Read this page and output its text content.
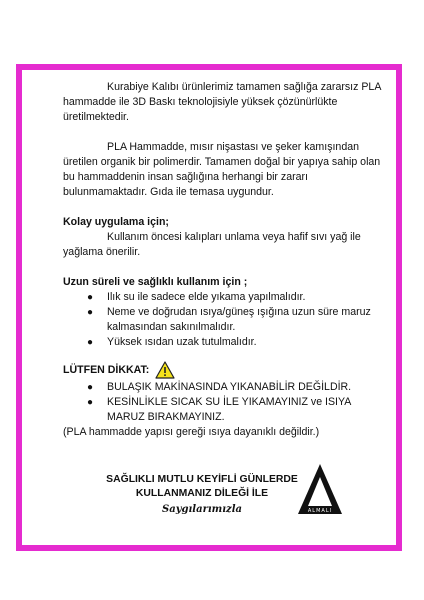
Kurabiye Kalıbı ürünlerimiz tamamen sağlığa zararsız PLA hammadde ile 3D Baskı teknolojisiyle yüksek çözünürlükte üretilmektedir.

PLA Hammadde, mısır nişastası ve şeker kamışından üretilen organik bir polimerdir. Tamamen doğal bir yapıya sahip olan bu hammaddenin insan sağlığına herhangi bir zararı bulunmamaktadır. Gıda ile temasa uygundur.

Kolay uygulama için;

Kullanım öncesi kalıpları unlama veya hafif sıvı yağ ile yağlama önerilir.

Uzun süreli ve sağlıklı kullanım için ;

● Ilık su ile sadece elde yıkama yapılmalıdır.
● Neme ve doğrudan ısıya/güneş ışığına uzun süre maruz kalmasından sakınılmalıdır.
● Yüksek ısıdan uzak tutulmalıdır.
LÜTFEN DİKKAT:
● BULAŞIK MAKİNASINDA YIKANABİLİR DEĞİLDİR.
● KESİNLİKLE SICAK SU İLE YIKAMAYINIZ ve ISIYA MARUZ BIRAKMAYINIZ.

(PLA hammadde yapısı gereği ısıya dayanıklı değildir.)

SAĞLIKLI MUTLU KEYİFLİ GÜNLERDE
KULLANMANIZ DİLEĞİ İLE
Saygılarımızla	ALMALI
